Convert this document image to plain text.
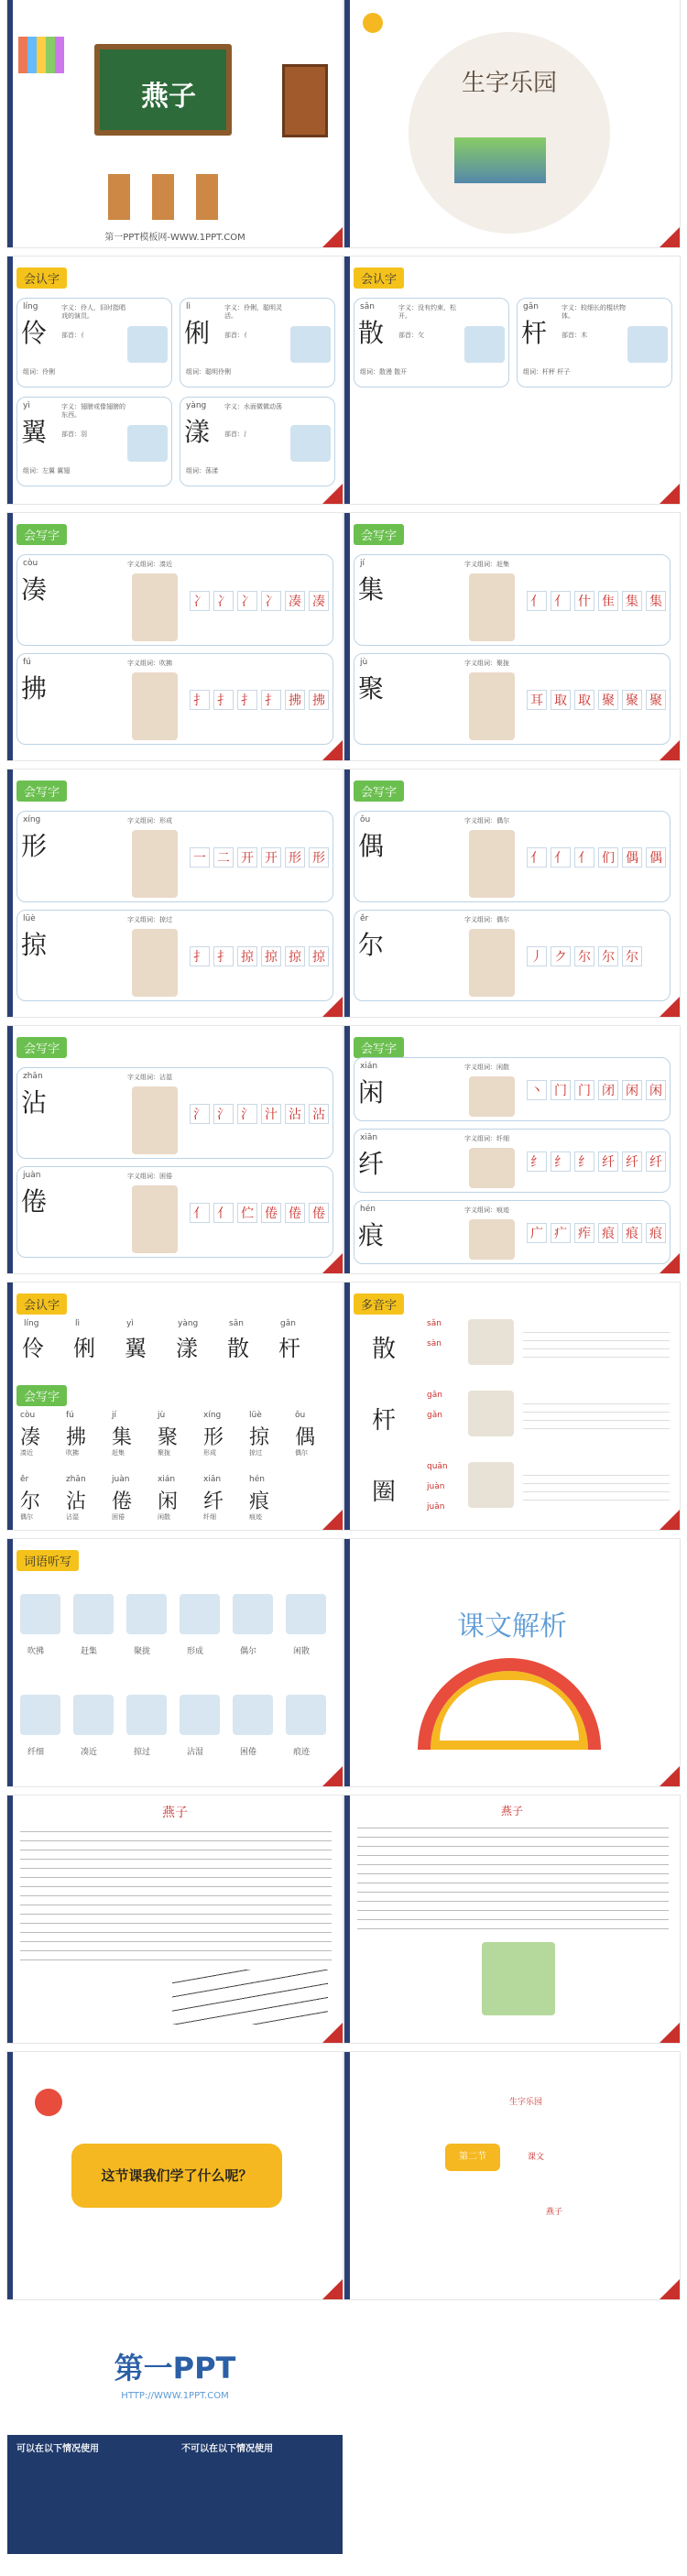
燕子
第一PPT模板网-WWW.1PPT.COM
生字乐园
会认字
líng
伶
字义：伶人，旧时指唱戏的演员。
部首：亻
组词：伶俐
lì
俐
字义：伶俐，聪明灵活。
部首：亻
组词：聪明伶俐
yì
翼
字义：翅膀或像翅膀的东西。
部首：羽
组词：左翼 翼翅
yàng
漾
字义：水面微微动荡
部首：氵
组词：荡漾
会认字
sǎn
散
字义：没有约束，松开。
部首：攵
组词：散漫 散开
gǎn
杆
字义：较细长的棍状物体。
部首：木
组词：杆秤 杆子
会写字
còu
凑
字义组词：凑近
冫 冫 冫 冫 凑 凑
fú
拂
字义组词：吹拂
扌 扌 扌 扌 拂 拂
会写字
jí
集
字义组词：赶集
亻 亻 什 隹 集 集
jù
聚
字义组词：聚拢
耳 取 取 聚 聚 聚
会写字
xíng
形
字义组词：形成
一 二 开 开 形 形
lüè
掠
字义组词：掠过
扌 扌 掠 掠 掠 掠
会写字
ǒu
偶
字义组词：偶尔
亻 亻 亻 们 偶 偶
ěr
尔
字义组词：偶尔
丿 ク 尔 尔 尔
会写字
zhān
沾
字义组词：沾湿
氵 氵 氵 汁 沾 沾
juàn
倦
字义组词：困倦
亻 亻 伫 倦 倦 倦
会写字
xián
闲
字义组词：闲散
丶 门 门 闭 闲 闲
xiān
纤
字义组词：纤细
纟 纟 纟 纤 纤 纤
hén
痕
字义组词：痕迹
广 疒 痄 痕 痕 痕
会认字
líng
伶
lì
俐
yì
翼
yàng
漾
sǎn
散
gǎn
杆
会写字
còu
凑
凑近
fú
拂
吹拂
jí
集
赶集
jù
聚
聚拢
xíng
形
形成
lüè
掠
掠过
ǒu
偶
偶尔
ěr
尔
偶尔
zhān
沾
沾湿
juàn
倦
困倦
xián
闲
闲散
xiān
纤
纤细
hén
痕
痕迹
多音字
散
sǎn
sàn
杆
gān
gǎn
圈
quān
juàn
juān
词语听写
吹拂	赶集	聚拢	形成	偶尔	闲散
纤细	凑近	掠过	沾湿	困倦	痕迹
课文解析
燕子	燕子
这节课我们学了什么呢？
第二节
生字乐园
课文
燕子
第一PPT
HTTP://WWW.1PPT.COM
可以在以下情况使用	不可以在以下情况使用
